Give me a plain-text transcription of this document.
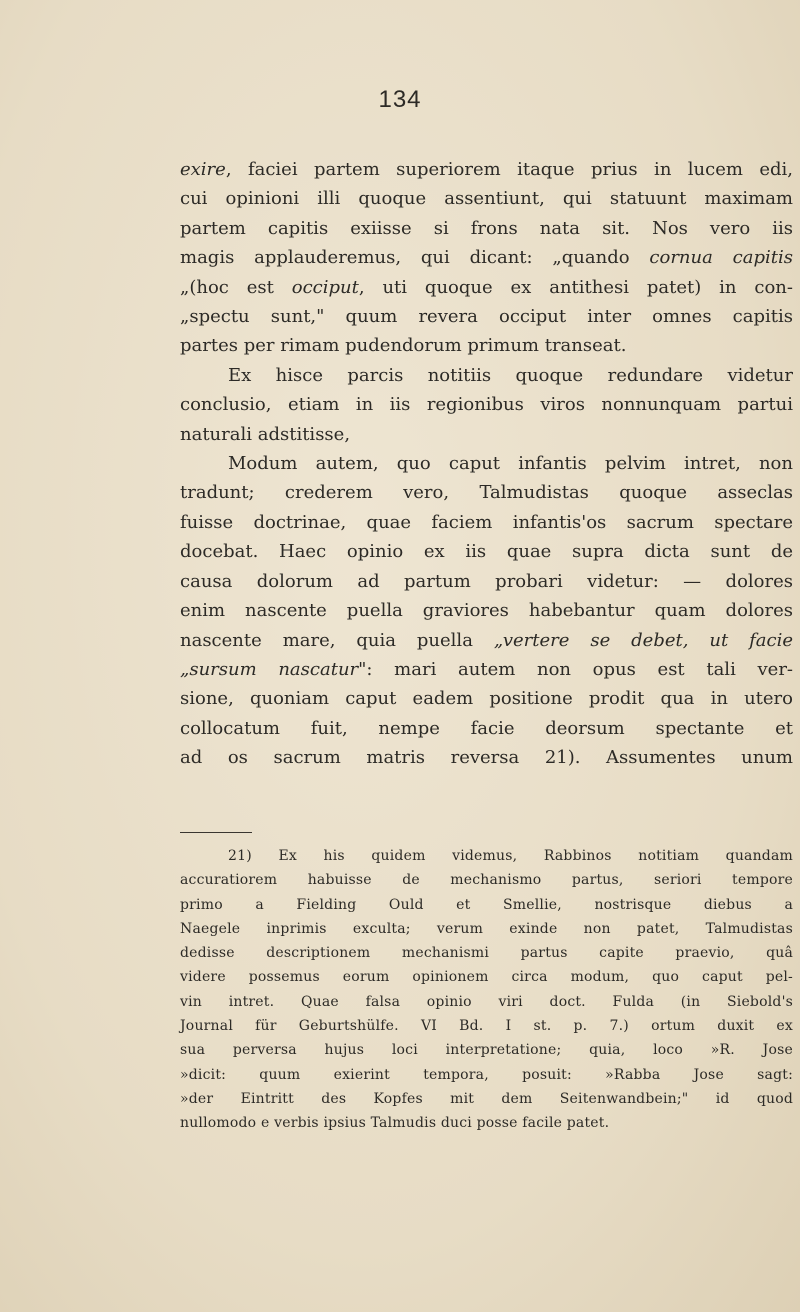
134
exire, faciei partem superiorem itaque prius in lucem edi,
cui opinioni illi quoque assentiunt, qui statuunt maximam
partem capitis exiisse si frons nata sit. Nos vero iis
magis applauderemus, qui dicant: „quando cornua capitis
„(hoc est occiput, uti quoque ex antithesi patet) in con-
„spectu sunt," quum revera occiput inter omnes capitis
partes per rimam pudendorum primum transeat.
Ex hisce parcis notitiis quoque redundare videtur
conclusio, etiam in iis regionibus viros nonnunquam partui
naturali adstitisse,
Modum autem, quo caput infantis pelvim intret, non
tradunt; crederem vero, Talmudistas quoque asseclas
fuisse doctrinae, quae faciem infantis'os sacrum spectare
docebat. Haec opinio ex iis quae supra dicta sunt de
causa dolorum ad partum probari videtur: — dolores
enim nascente puella graviores habebantur quam dolores
nascente mare, quia puella „vertere se debet, ut facie
„sursum nascatur": mari autem non opus est tali ver-
sione, quoniam caput eadem positione prodit qua in utero
collocatum fuit, nempe facie deorsum spectante et
ad os sacrum matris reversa 21). Assumentes unum
21) Ex his quidem videmus, Rabbinos notitiam quandam
accuratiorem habuisse de mechanismo partus, seriori tempore
primo a Fielding Ould et Smellie, nostrisque diebus a
Naegele inprimis exculta; verum exinde non patet, Talmudistas
dedisse descriptionem mechanismi partus capite praevio, quâ
videre possemus eorum opinionem circa modum, quo caput pel-
vin intret. Quae falsa opinio viri doct. Fulda (in Siebold's
Journal für Geburtshülfe. VI Bd. I st. p. 7.) ortum duxit ex
sua perversa hujus loci interpretatione; quia, loco »R. Jose
»dicit: quum exierint tempora, posuit: »Rabba Jose sagt:
»der Eintritt des Kopfes mit dem Seitenwandbein;" id quod
nullomodo e verbis ipsius Talmudis duci posse facile patet.
